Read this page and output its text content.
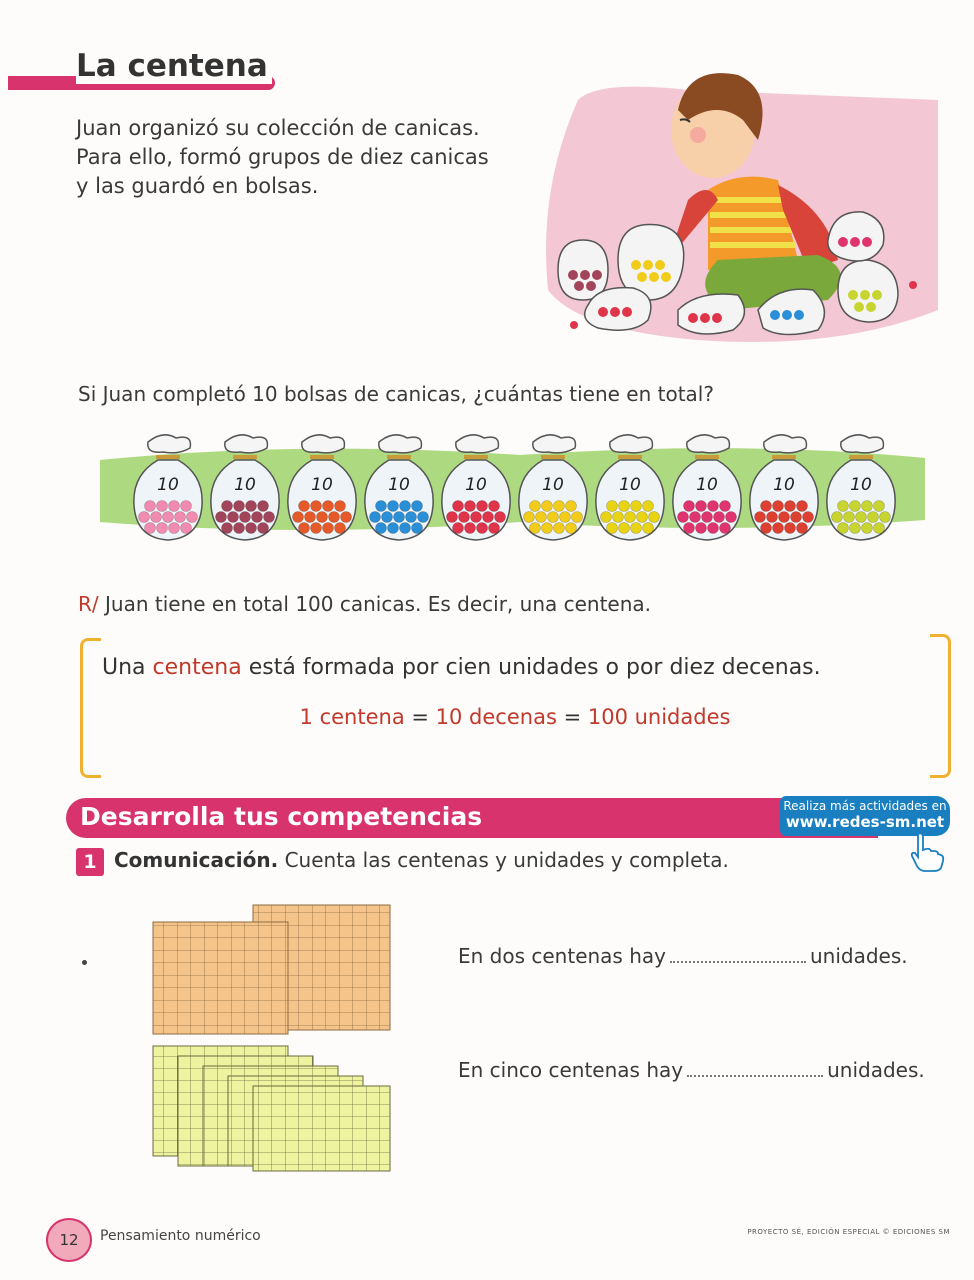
La centena
Juan organizó su colección de canicas.
Para ello, formó grupos de diez canicas
y las guardó en bolsas.
Si Juan completó 10 bolsas de canicas, ¿cuántas tiene en total?
10	10	10	10	10	10	10	10	10	10
R/ Juan tiene en total 100 canicas. Es decir, una centena.
Una centena está formada por cien unidades o por diez decenas.
1 centena = 10 decenas = 100 unidades
Desarrolla tus competencias	Realiza más actividades en
www.redes-sm.net
1 Comunicación. Cuenta las centenas y unidades y completa.
En dos centenas hay	unidades.
En cinco centenas hay	unidades.
12	Pensamiento numérico	PROYECTO SÉ, EDICIÓN ESPECIAL © EDICIONES SM
